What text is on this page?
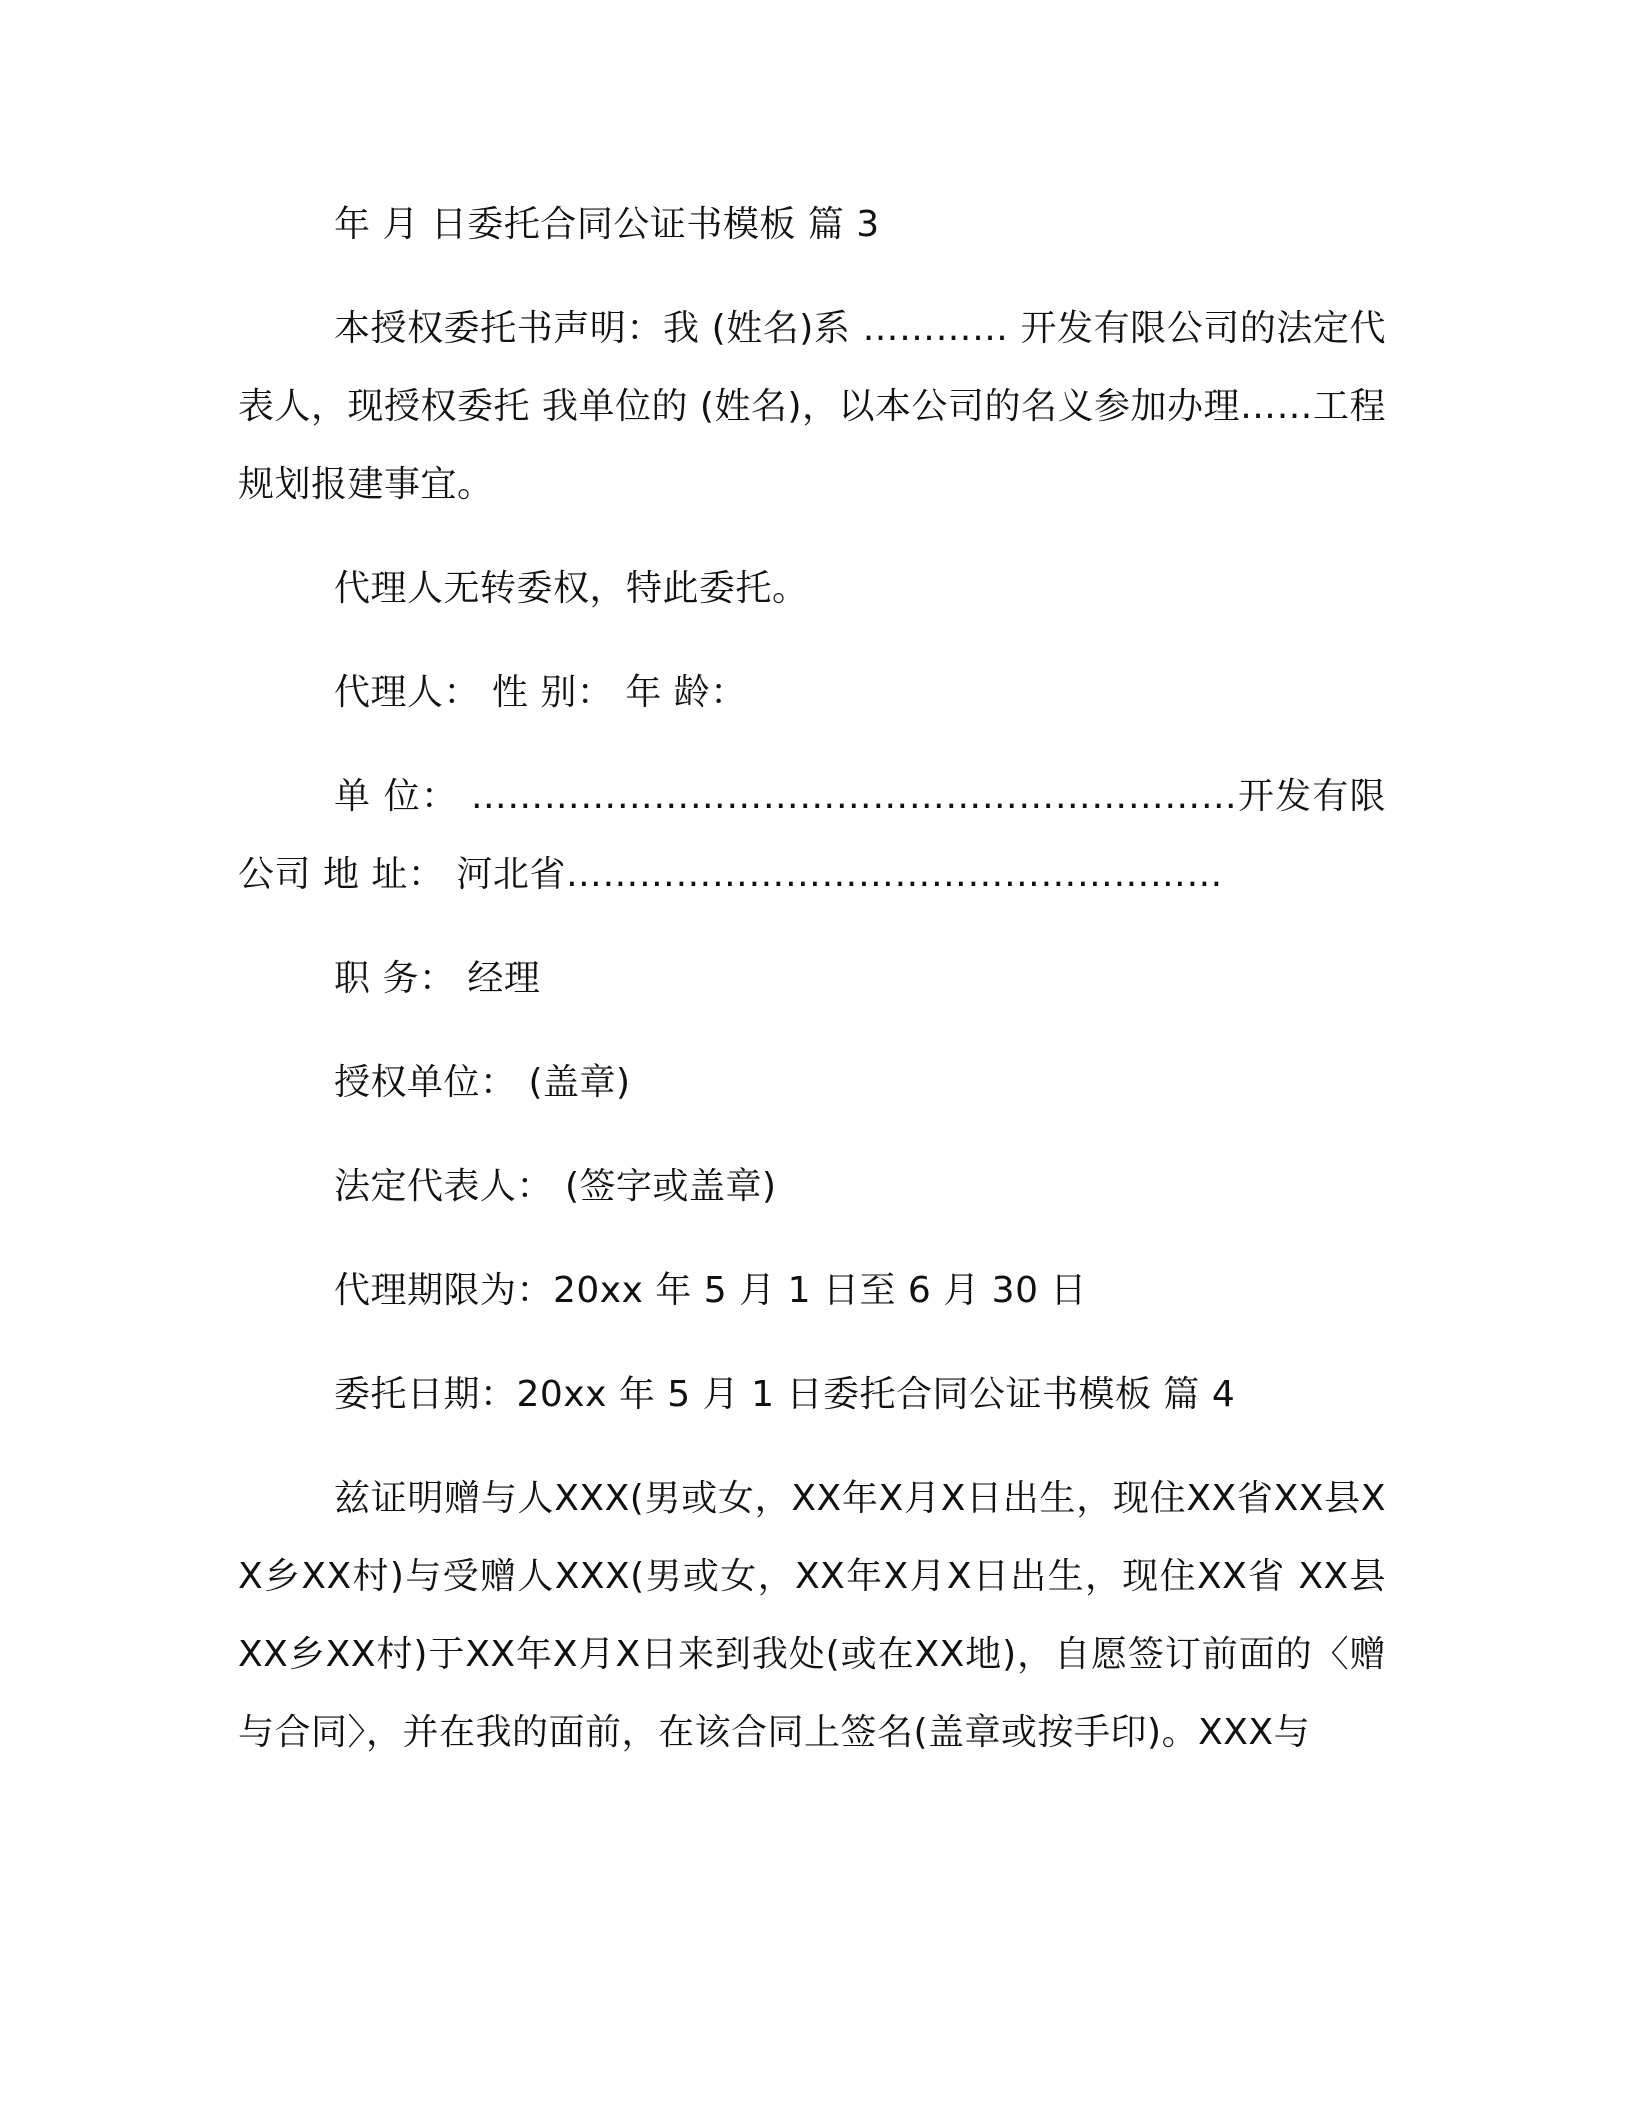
年 月 日委托合同公证书模板 篇 3

本授权委托书声明：我 (姓名)系 ………… 开发有限公司的法定代表人，现授权委托 我单位的 (姓名)，以本公司的名义参加办理……工程规划报建事宜。

代理人无转委权，特此委托。

代理人： 性 别： 年 龄：

单 位： ………………………………………………………开发有限公司 地 址： 河北省………………………………………………

职 务： 经理

授权单位： (盖章)

法定代表人： (签字或盖章)

代理期限为：20xx 年 5 月 1 日至 6 月 30 日

委托日期：20xx 年 5 月 1 日委托合同公证书模板 篇 4

兹证明赠与人XXX(男或女，XX年X月X日出生，现住XX省XX县XX乡XX村)与受赠人XXX(男或女，XX年X月X日出生，现住XX省 XX县XX乡XX村)于XX年X月X日来到我处(或在XX地)，自愿签订前面的〈赠与合同〉，并在我的面前，在该合同上签名(盖章或按手印)。XXX与
